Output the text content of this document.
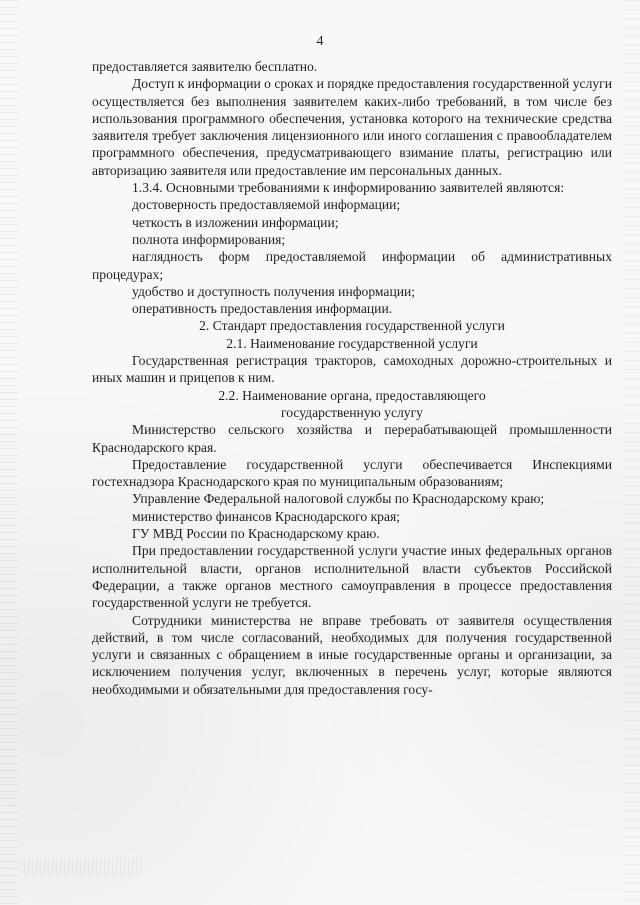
4

предоставляется заявителю бесплатно.

Доступ к информации о сроках и порядке предоставления государственной услуги осуществляется без выполнения заявителем каких-либо требований, в том числе без использования программного обеспечения, установка которого на технические средства заявителя требует заключения лицензионного или иного соглашения с правообладателем программного обеспечения, предусматривающего взимание платы, регистрацию или авторизацию заявителя или предоставление им персональных данных.

1.3.4. Основными требованиями к информированию заявителей являются:

достоверность предоставляемой информации;

четкость в изложении информации;

полнота информирования;

наглядность форм предоставляемой информации об административных процедурах;

удобство и доступность получения информации;

оперативность предоставления информации.

2. Стандарт предоставления государственной услуги

2.1. Наименование государственной услуги

Государственная регистрация тракторов, самоходных дорожно-строительных и иных машин и прицепов к ним.

2.2. Наименование органа, предоставляющего
государственную услугу

Министерство сельского хозяйства и перерабатывающей промышленности Краснодарского края.

Предоставление государственной услуги обеспечивается Инспекциями гостехнадзора Краснодарского края по муниципальным образованиям;

Управление Федеральной налоговой службы по Краснодарскому краю;

министерство финансов Краснодарского края;

ГУ МВД России по Краснодарскому краю.

При предоставлении государственной услуги участие иных федеральных органов исполнительной власти, органов исполнительной власти субъектов Российской Федерации, а также органов местного самоуправления в процессе предоставления государственной услуги не требуется.

Сотрудники министерства не вправе требовать от заявителя осуществления действий, в том числе согласований, необходимых для получения государственной услуги и связанных с обращением в иные государственные органы и организации, за исключением получения услуг, включенных в перечень услуг, которые являются необходимыми и обязательными для предоставления госу-
